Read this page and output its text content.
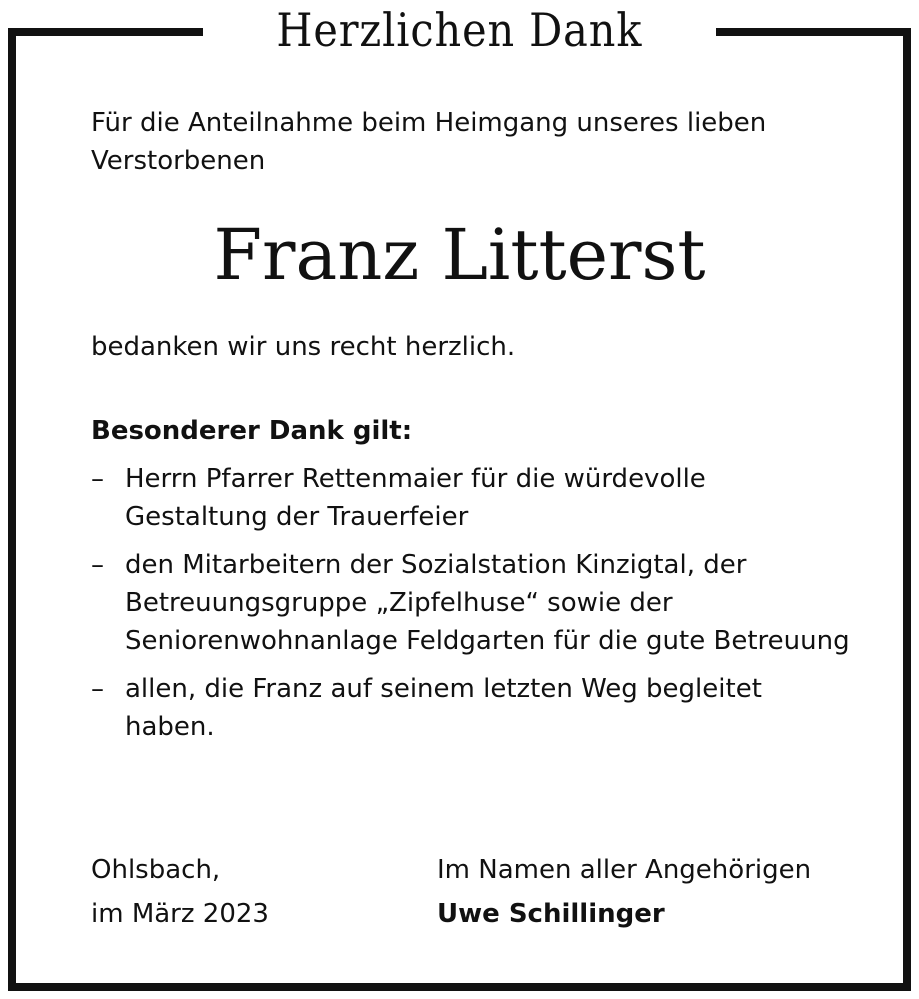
Herzlichen Dank

Für die Anteilnahme beim Heimgang unseres lieben Verstorbenen

Franz Litterst

bedanken wir uns recht herzlich.

Besonderer Dank gilt:

– Herrn Pfarrer Rettenmaier für die würdevolle Gestaltung der Trauerfeier
– den Mitarbeitern der Sozialstation Kinzigtal, der Betreuungsgruppe „Zipfelhuse“ sowie der Seniorenwohnanlage Feldgarten für die gute Betreuung
– allen, die Franz auf seinem letzten Weg begleitet haben.
Ohlsbach,
im März 2023
Im Namen aller Angehörigen
Uwe Schillinger
